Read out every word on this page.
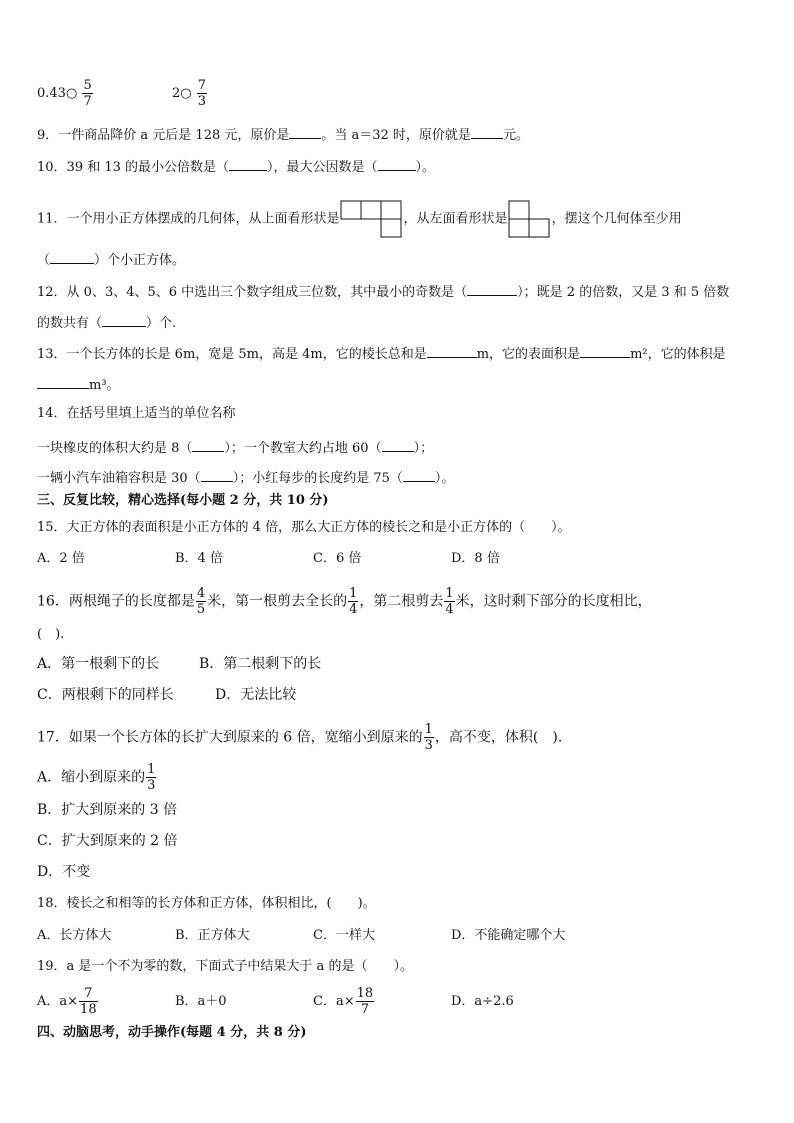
0.43○ $\frac{5}{7}$	2○ $\frac{7}{3}$
9．一件商品降价 a 元后是 128 元，原价是 。当 a＝32 时，原价就是 元。
10．39 和 13 的最小公倍数是（	），最大公因数是（	）。
11．一个用小正方体摆成的几何体，从上面看形状是	，从左面看形状是	，摆这个几何体至少用
（	）个小正方体。
12．从 0、3、4、5、6 中选出三个数字组成三位数，其中最小的奇数是（	）；既是 2 的倍数，又是 3 和 5 倍数
的数共有（	）个.
13．一个长方体的长是 6m，宽是 5m，高是 4m，它的棱长总和是	m，它的表面积是	m²，它的体积是
m³。
14．在括号里填上适当的单位名称
一块橡皮的体积大约是 8（ ）；一个教室大约占地 60（ ）；
一辆小汽车油箱容积是 30（ ）；小红每步的长度约是 75（ ）。
三、反复比较，精心选择(每小题 2 分，共 10 分)
15．大正方体的表面积是小正方体的 4 倍，那么大正方体的棱长之和是小正方体的（　　）。
A．2 倍	B．4 倍	C．6 倍	D．8 倍
16．两根绳子的长度都是 $\frac{4}{5}$ 米，第一根剪去全长的 $\frac{1}{4}$ ，第二根剪去 $\frac{1}{4}$ 米，这时剩下部分的长度相比，
(　).
A．第一根剩下的长	B．第二根剩下的长
C．两根剩下的同样长	D．无法比较
17．如果一个长方体的长扩大到原来的 6 倍，宽缩小到原来的 $\frac{1}{3}$ ，高不变，体积(　).
A．缩小到原来的 $\frac{1}{3}$
B．扩大到原来的 3 倍
C．扩大到原来的 2 倍
D．不变
18．棱长之和相等的长方体和正方体，体积相比，(　　)。
A．长方体大	B．正方体大	C．一样大	D．不能确定哪个大
19．a 是一个不为零的数，下面式子中结果大于 a 的是（　　）。
A．$a\times \frac{7}{18}$	B．a＋0	C．$a\times \frac{18}{7}$	D．a÷2.6
四、动脑思考，动手操作(每题 4 分，共 8 分)
